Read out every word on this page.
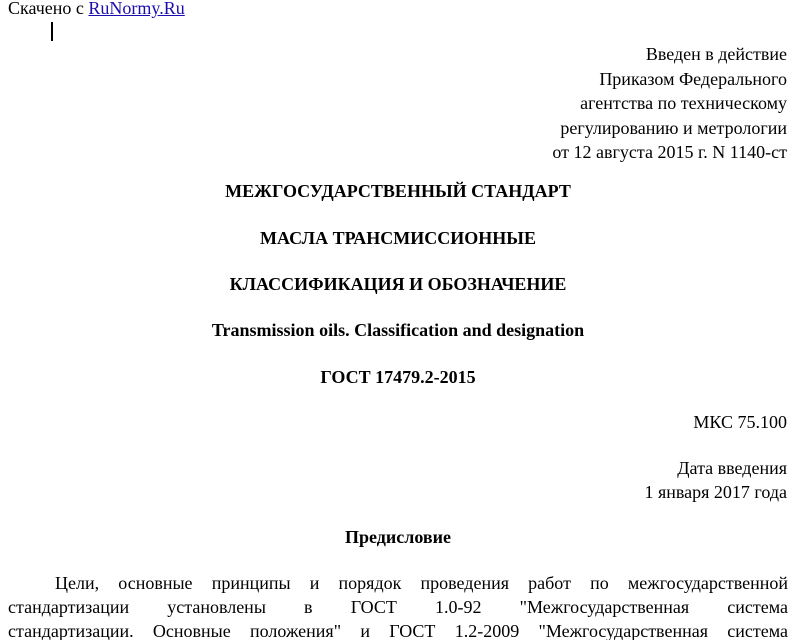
Скачено с RuNormy.Ru
Введен в действие
Приказом Федерального
агентства по техническому
регулированию и метрологии
от 12 августа 2015 г. N 1140-ст
МЕЖГОСУДАРСТВЕННЫЙ СТАНДАРТ
МАСЛА ТРАНСМИССИОННЫЕ
КЛАССИФИКАЦИЯ И ОБОЗНАЧЕНИЕ
Transmission oils. Classification and designation
ГОСТ 17479.2-2015
МКС 75.100
Дата введения
1 января 2017 года
Предисловие
Цели, основные принципы и порядок проведения работ по межгосударственной
стандартизации установлены в ГОСТ 1.0-92 "Межгосударственная система
стандартизации. Основные положения" и ГОСТ 1.2-2009 "Межгосударственная система
